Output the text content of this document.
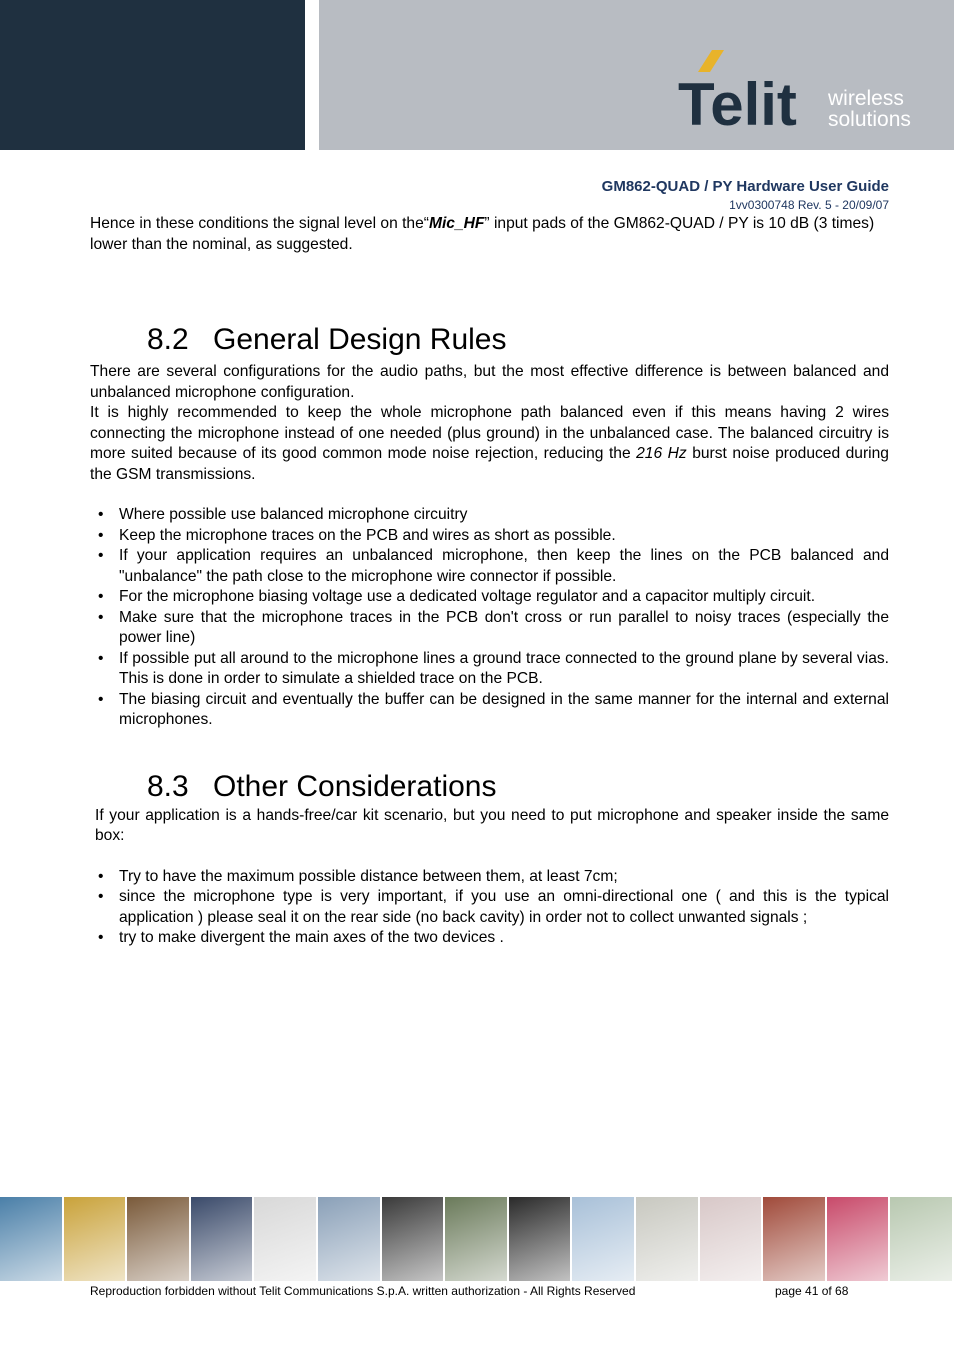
Telit wireless
solutions
GM862-QUAD / PY Hardware User Guide
1vv0300748 Rev. 5 - 20/09/07

Hence in these conditions the signal level on the“Mic_HF” input pads of the GM862-QUAD / PY is 10 dB (3 times) lower than the nominal, as suggested.

8.2 General Design Rules

There are several configurations for the audio paths, but the most effective difference is between balanced and unbalanced microphone configuration.

It is highly recommended to keep the whole microphone path balanced even if this means having 2 wires connecting the microphone instead of one needed (plus ground) in the unbalanced case. The balanced circuitry is more suited because of its good common mode noise rejection, reducing the 216 Hz burst noise produced during the GSM transmissions.

• Where possible use balanced microphone circuitry
• Keep the microphone traces on the PCB and wires as short as possible.
• If your application requires an unbalanced microphone, then keep the lines on the PCB balanced and "unbalance" the path close to the microphone wire connector if possible.
• For the microphone biasing voltage use a dedicated voltage regulator and a capacitor multiply circuit.
• Make sure that the microphone traces in the PCB don't cross or run parallel to noisy traces (especially the power line)
• If possible put all around to the microphone lines a ground trace connected to the ground plane by several vias. This is done in order to simulate a shielded trace on the PCB.
• The biasing circuit and eventually the buffer can be designed in the same manner for the internal and external microphones.
8.3 Other Considerations

If your application is a hands-free/car kit scenario, but you need to put microphone and speaker inside the same box:

• Try to have the maximum possible distance between them, at least 7cm;
• since the microphone type is very important, if you use an omni-directional one ( and this is the typical application ) please seal it on the rear side (no back cavity) in order not to collect unwanted signals ;
• try to make divergent the main axes of the two devices .
Reproduction forbidden without Telit Communications S.p.A. written authorization - All Rights Reserved	page 41 of 68
